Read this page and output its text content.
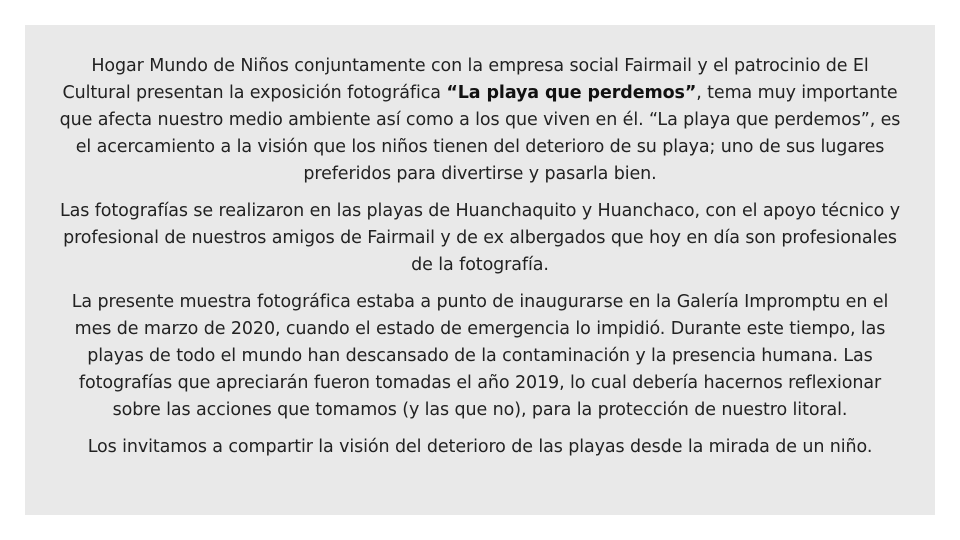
Hogar Mundo de Niños conjuntamente con la empresa social Fairmail y el patrocinio de El Cultural presentan la exposición fotográfica “La playa que perdemos”, tema muy importante que afecta nuestro medio ambiente así como a los que viven en él. “La playa que perdemos”, es el acercamiento a la visión que los niños tienen del deterioro de su playa; uno de sus lugares preferidos para divertirse y pasarla bien.

Las fotografías se realizaron en las playas de Huanchaquito y Huanchaco, con el apoyo técnico y profesional de nuestros amigos de Fairmail y de ex albergados que hoy en día son profesionales de la fotografía.

La presente muestra fotográfica estaba a punto de inaugurarse en la Galería Impromptu en el mes de marzo de 2020, cuando el estado de emergencia lo impidió. Durante este tiempo, las playas de todo el mundo han descansado de la contaminación y la presencia humana. Las fotografías que apreciarán fueron tomadas el año 2019, lo cual debería hacernos reflexionar sobre las acciones que tomamos (y las que no), para la protección de nuestro litoral.

Los invitamos a compartir la visión del deterioro de las playas desde la mirada de un niño.
